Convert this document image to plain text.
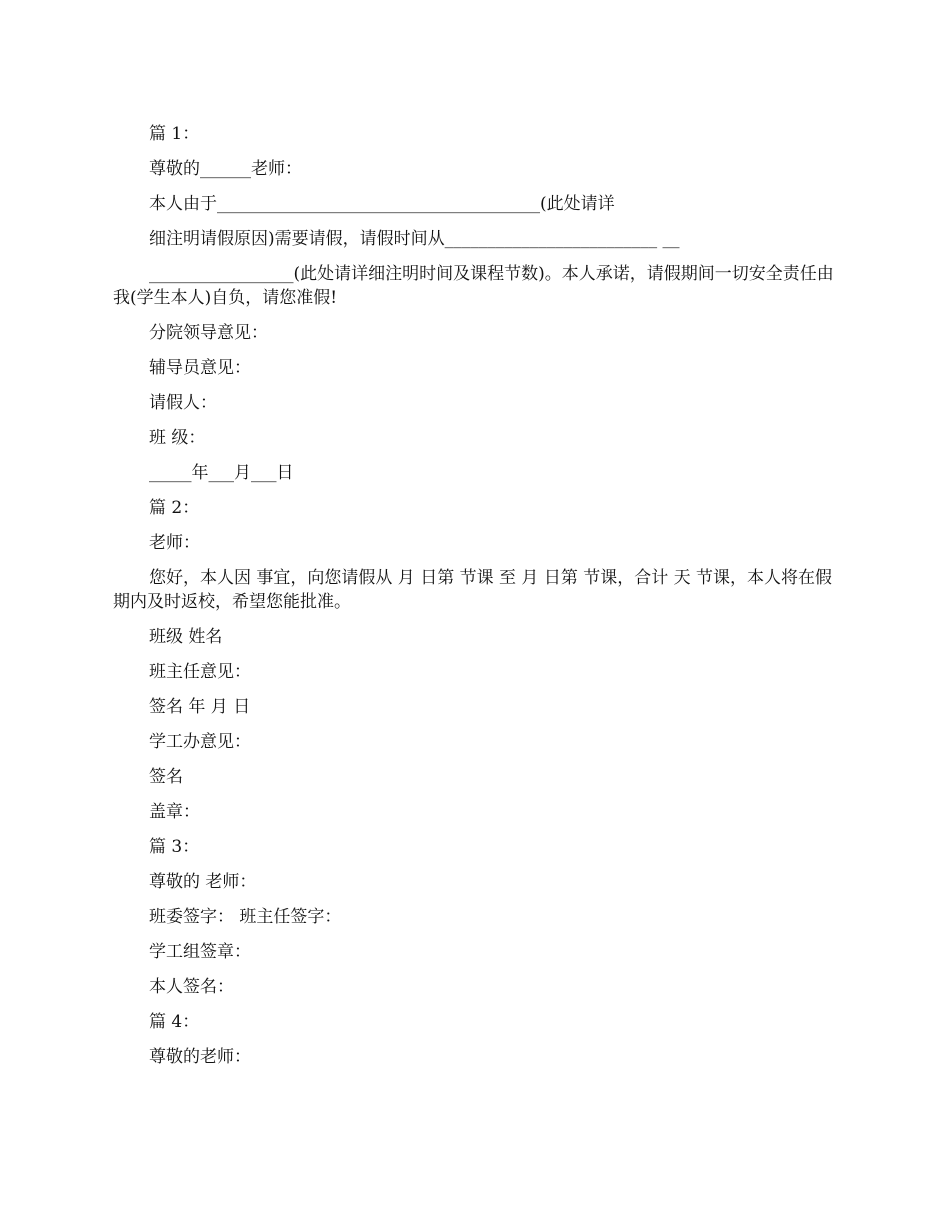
篇 1：

尊敬的______老师：

本人由于______________________________________(此处请详

细注明请假原因)需要请假，请假时间从_________________________ __

_________________(此处请详细注明时间及课程节数)。本人承诺，请假期间一切安全责任由我(学生本人)自负，请您准假!

分院领导意见：

辅导员意见：

请假人：

班 级：

_____年___月___日

篇 2：

老师：

您好，本人因 事宜，向您请假从 月 日第 节课 至 月 日第 节课，合计 天 节课，本人将在假期内及时返校，希望您能批准。

班级 姓名

班主任意见：

签名 年 月 日

学工办意见：

签名

盖章：

篇 3：

尊敬的 老师：

班委签字： 班主任签字：

学工组签章：

本人签名：

篇 4：

尊敬的老师：
